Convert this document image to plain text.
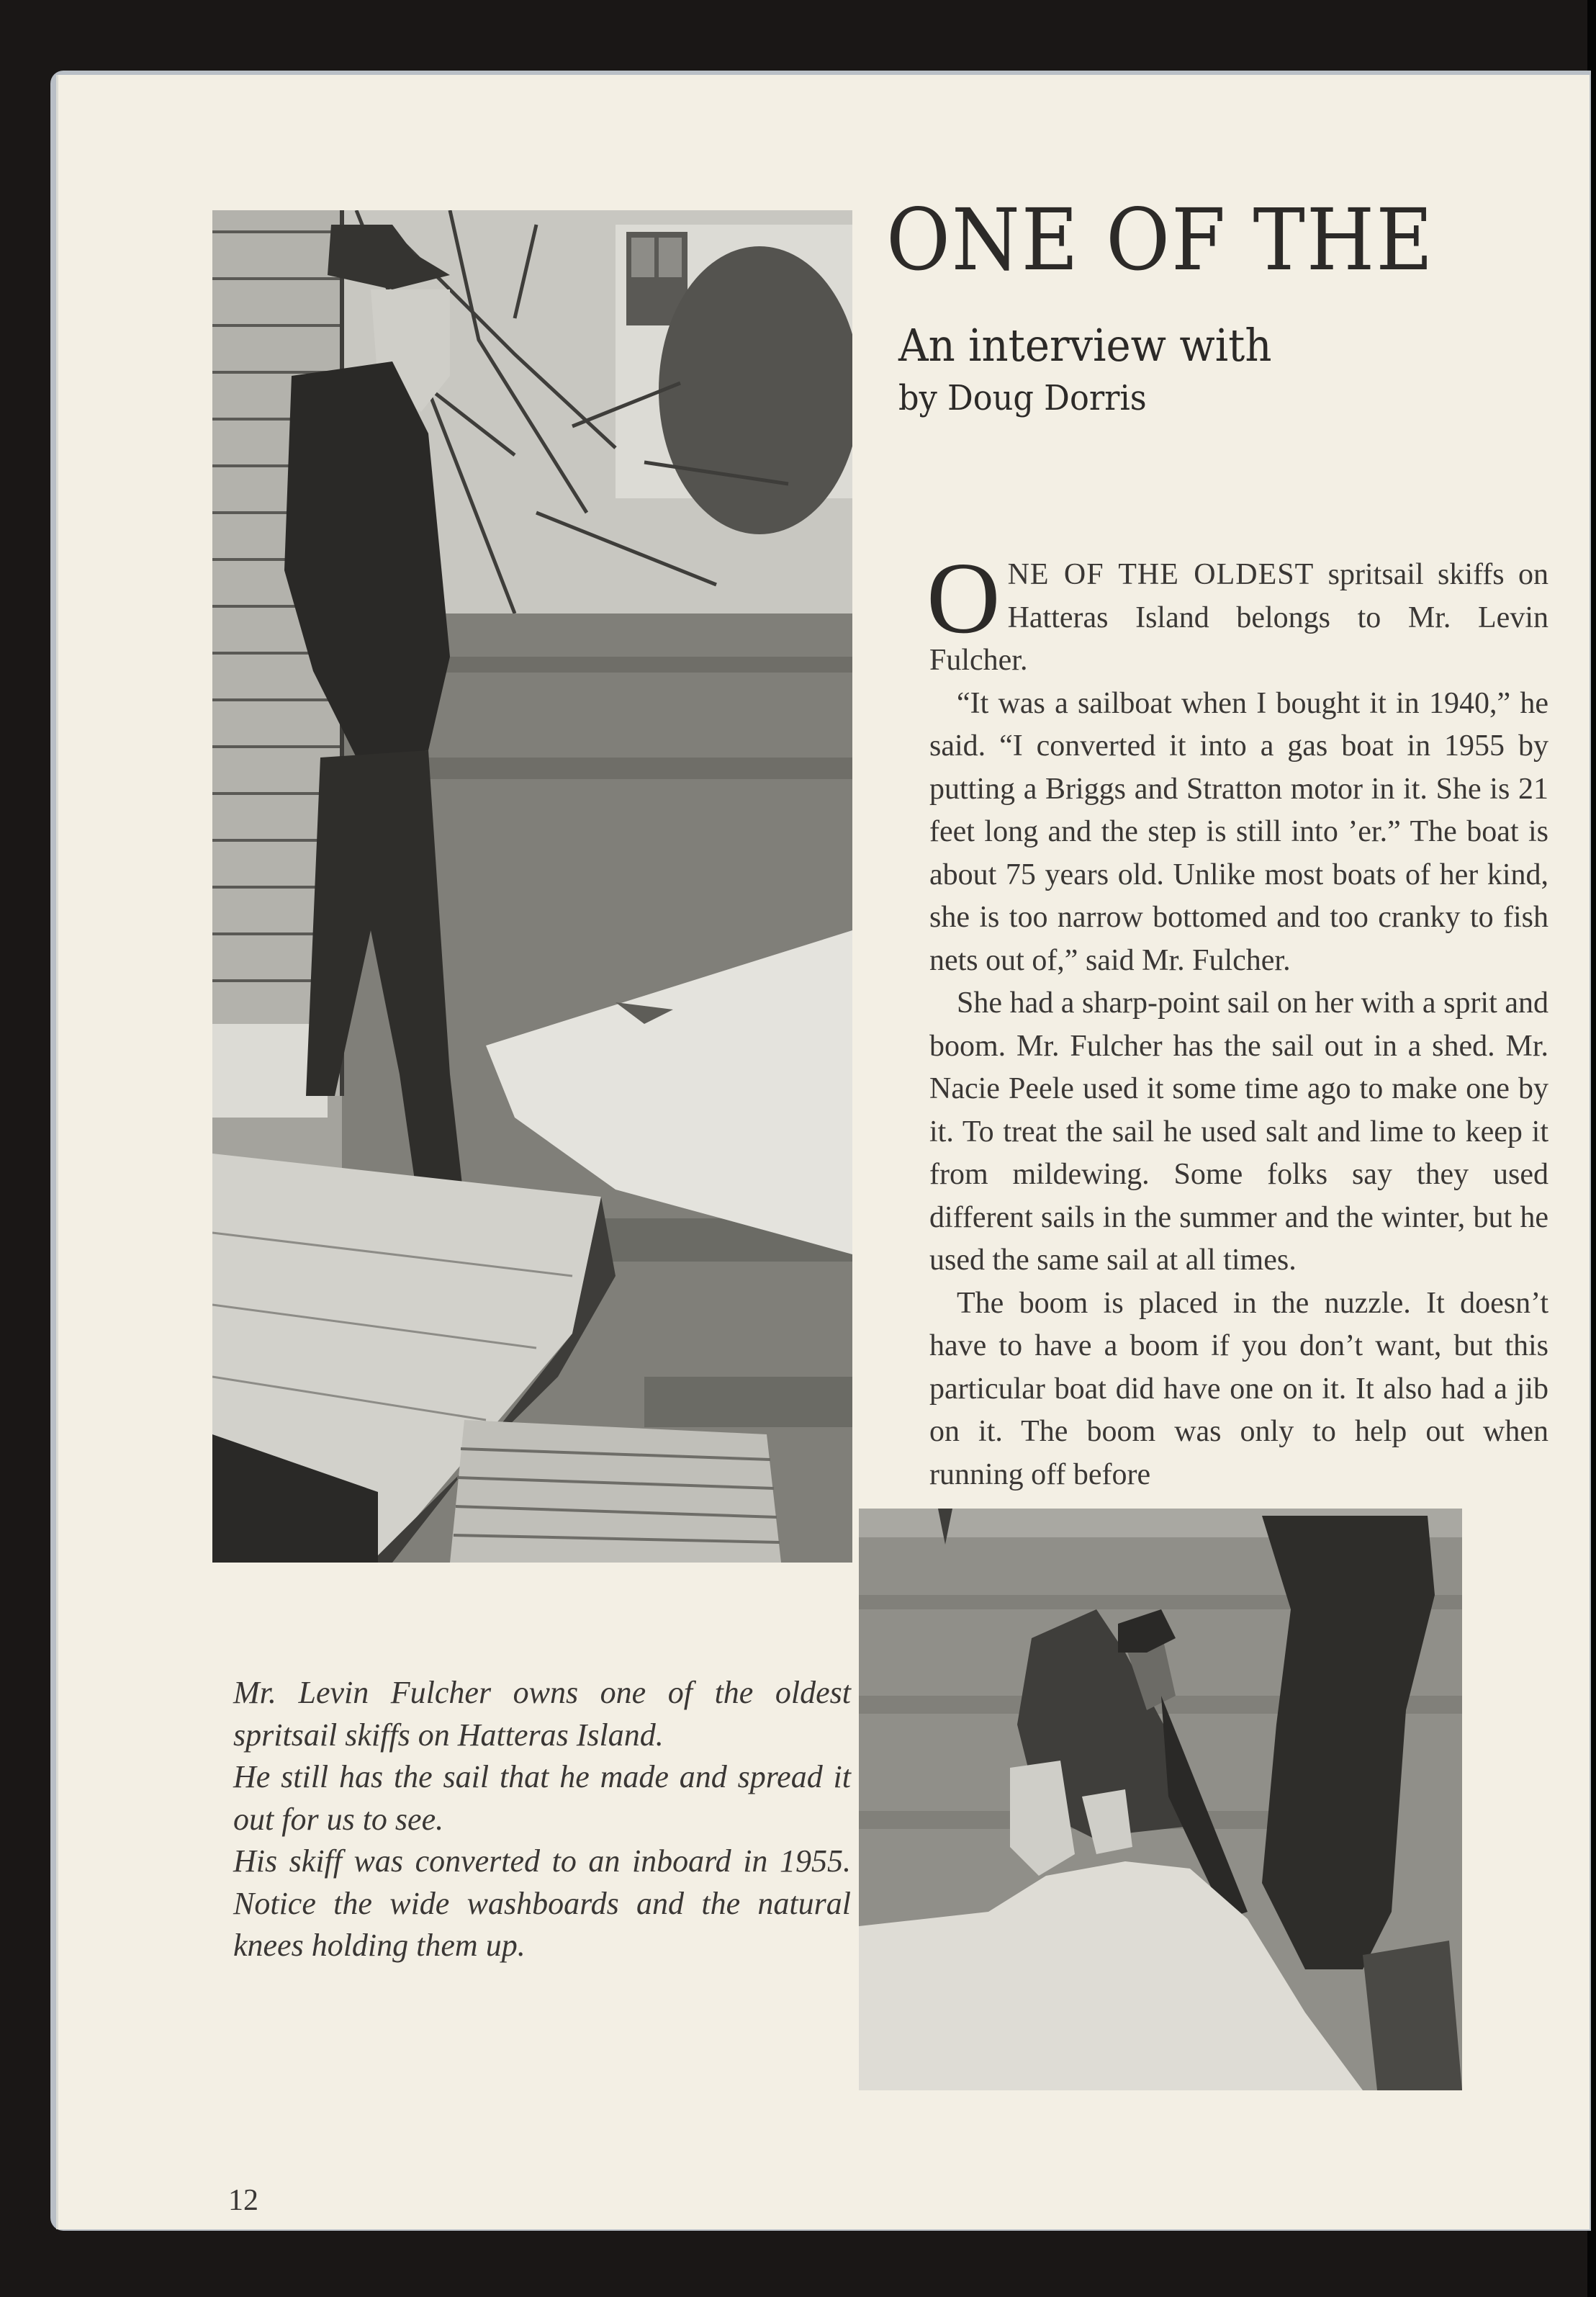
ONE OF THE
An interview with
by Doug Dorris

ONE OF THE OLDEST spritsail skiffs on Hatteras Island belongs to Mr. Levin Fulcher.

“It was a sailboat when I bought it in 1940,” he said. “I converted it into a gas boat in 1955 by putting a Briggs and Stratton motor in it. She is 21 feet long and the step is still into ’er.” The boat is about 75 years old. Unlike most boats of her kind, she is too narrow bottomed and too cranky to fish nets out of,” said Mr. Fulcher.

She had a sharp-point sail on her with a sprit and boom. Mr. Fulcher has the sail out in a shed. Mr. Nacie Peele used it some time ago to make one by it. To treat the sail he used salt and lime to keep it from mildewing. Some folks say they used different sails in the summer and the winter, but he used the same sail at all times.

The boom is placed in the nuzzle. It doesn’t have to have a boom if you don’t want, but this particular boat did have one on it. It also had a jib on it. The boom was only to help out when running off before

Mr. Levin Fulcher owns one of the oldest spritsail skiffs on Hatteras Island.

He still has the sail that he made and spread it out for us to see.

His skiff was converted to an inboard in 1955. Notice the wide washboards and the natural knees holding them up.

12
